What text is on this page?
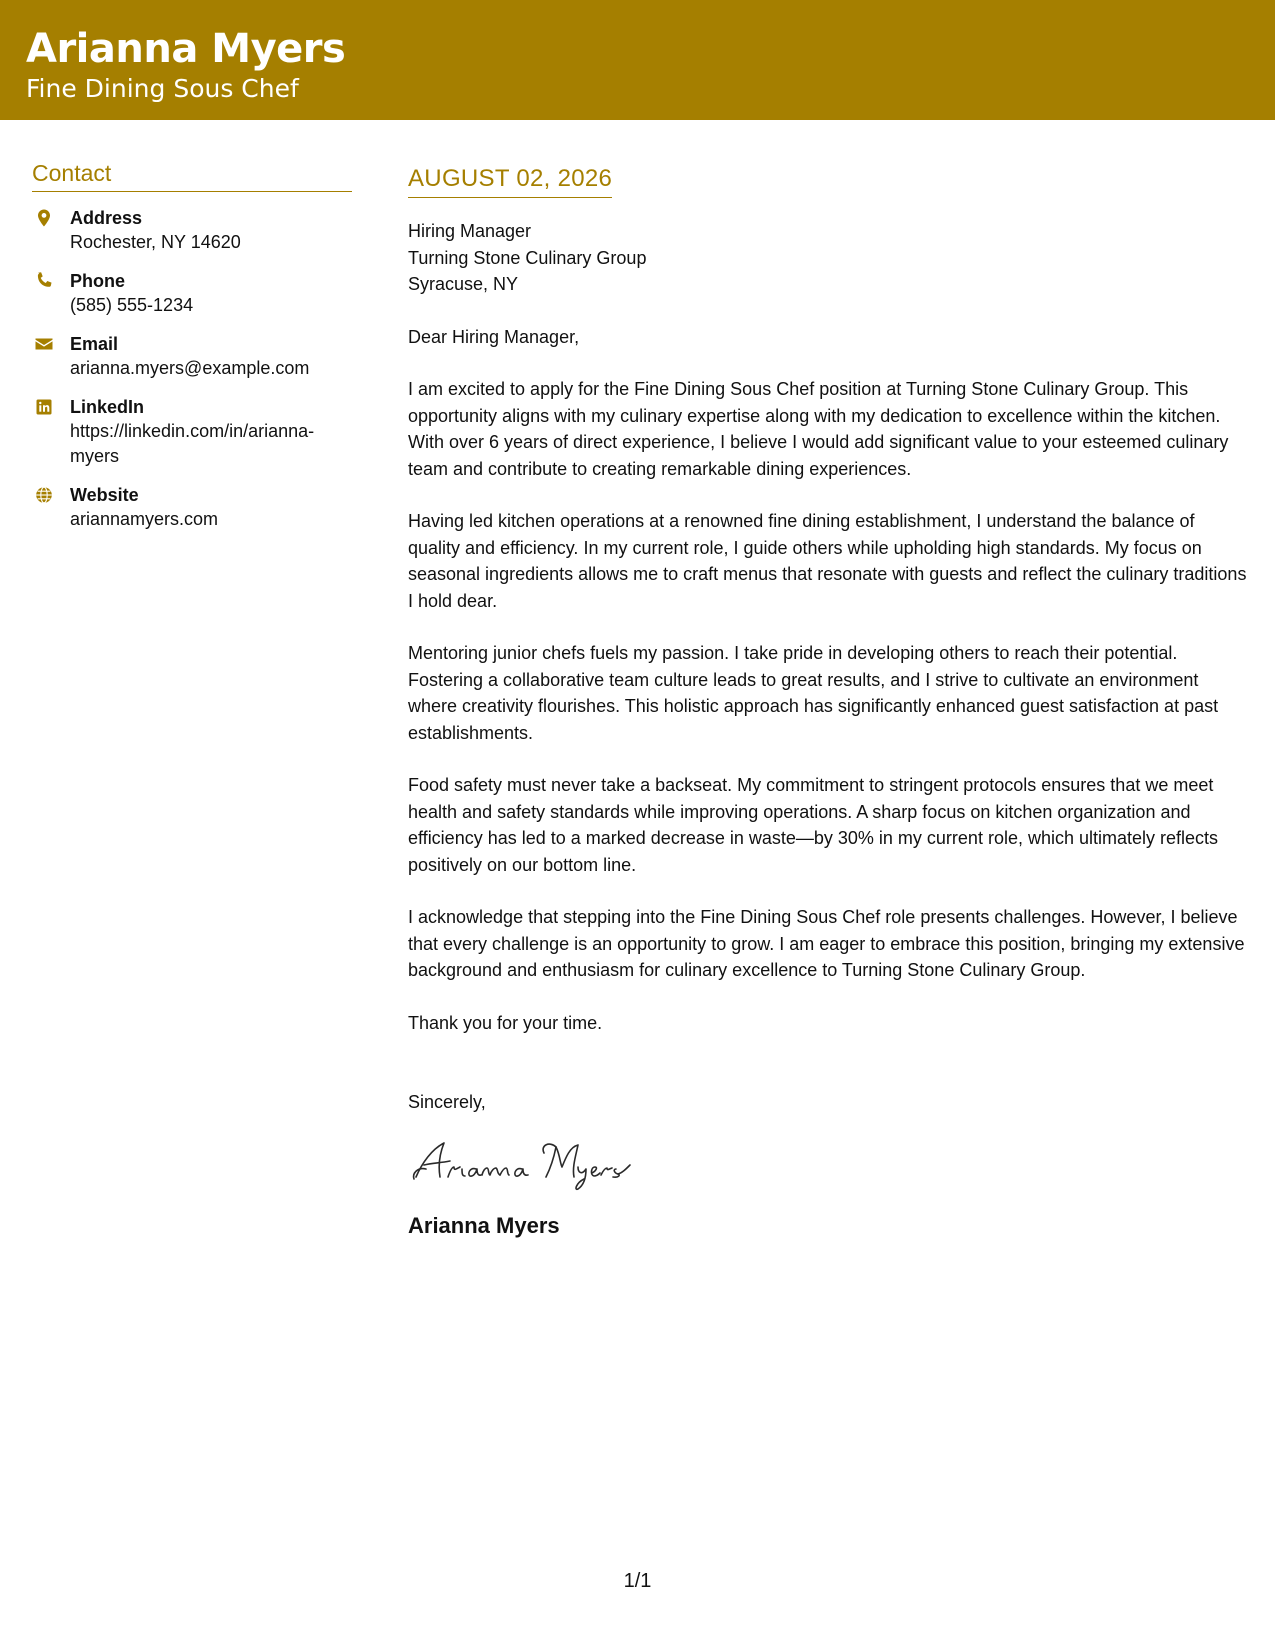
Arianna Myers
Fine Dining Sous Chef
Contact
Address
Rochester, NY 14620
Phone
(585) 555-1234
Email
arianna.myers@example.com
LinkedIn
https://linkedin.com/in/arianna-myers
Website
ariannamyers.com
AUGUST 02, 2026
Hiring Manager
Turning Stone Culinary Group
Syracuse, NY
Dear Hiring Manager,
I am excited to apply for the Fine Dining Sous Chef position at Turning Stone Culinary Group. This opportunity aligns with my culinary expertise along with my dedication to excellence within the kitchen. With over 6 years of direct experience, I believe I would add significant value to your esteemed culinary team and contribute to creating remarkable dining experiences.
Having led kitchen operations at a renowned fine dining establishment, I understand the balance of quality and efficiency. In my current role, I guide others while upholding high standards. My focus on seasonal ingredients allows me to craft menus that resonate with guests and reflect the culinary traditions I hold dear.
Mentoring junior chefs fuels my passion. I take pride in developing others to reach their potential. Fostering a collaborative team culture leads to great results, and I strive to cultivate an environment where creativity flourishes. This holistic approach has significantly enhanced guest satisfaction at past establishments.
Food safety must never take a backseat. My commitment to stringent protocols ensures that we meet health and safety standards while improving operations. A sharp focus on kitchen organization and efficiency has led to a marked decrease in waste—by 30% in my current role, which ultimately reflects positively on our bottom line.
I acknowledge that stepping into the Fine Dining Sous Chef role presents challenges. However, I believe that every challenge is an opportunity to grow. I am eager to embrace this position, bringing my extensive background and enthusiasm for culinary excellence to Turning Stone Culinary Group.
Thank you for your time.
Sincerely,
Arianna Myers
1/1
